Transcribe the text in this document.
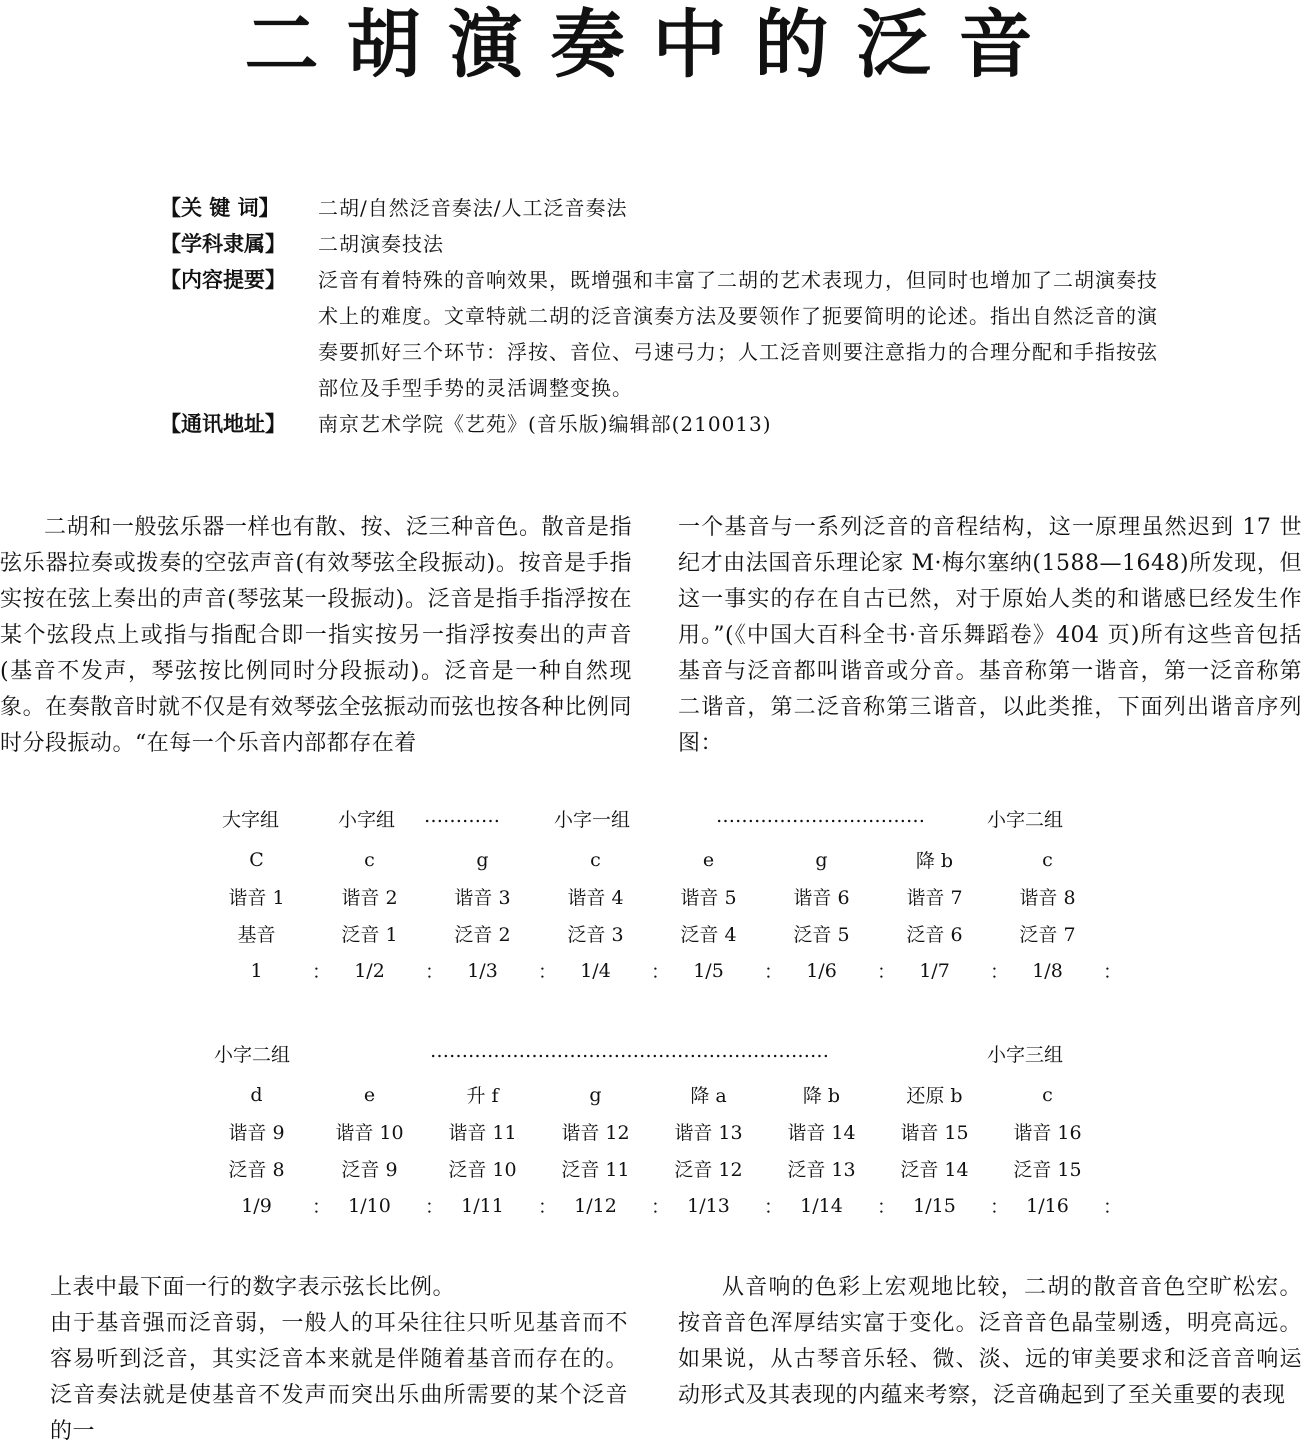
二胡演奏中的泛音
【关 键 词】	二胡/自然泛音奏法/人工泛音奏法
【学科隶属】	二胡演奏技法
【内容提要】	泛音有着特殊的音响效果，既增强和丰富了二胡的艺术表现力，但同时也增加了二胡演奏技术上的难度。文章特就二胡的泛音演奏方法及要领作了扼要简明的论述。指出自然泛音的演奏要抓好三个环节：浮按、音位、弓速弓力；人工泛音则要注意指力的合理分配和手指按弦部位及手型手势的灵活调整变换。
【通讯地址】	南京艺术学院《艺苑》(音乐版)编辑部(210013)

二胡和一般弦乐器一样也有散、按、泛三种音色。散音是指弦乐器拉奏或拨奏的空弦声音(有效琴弦全段振动)。按音是手指实按在弦上奏出的声音(琴弦某一段振动)。泛音是指手指浮按在某个弦段点上或指与指配合即一指实按另一指浮按奏出的声音(基音不发声，琴弦按比例同时分段振动)。泛音是一种自然现象。在奏散音时就不仅是有效琴弦全弦振动而弦也按各种比例同时分段振动。“在每一个乐音内部都存在着

一个基音与一系列泛音的音程结构，这一原理虽然迟到 17 世纪才由法国音乐理论家 M·梅尔塞纳(1588—1648)所发现，但这一事实的存在自古已然，对于原始人类的和谐感巳经发生作用。”(《中国大百科全书·音乐舞蹈卷》404 页)所有这些音包括基音与泛音都叫谐音或分音。基音称第一谐音，第一泛音称第二谐音，第二泛音称第三谐音，以此类推，下面列出谐音序列图：

大字组	小字组 …………	小字一组	……………………………	小字二组
C	c	g	c	e	g	降 b	c
谐音 1	谐音 2	谐音 3	谐音 4	谐音 5	谐音 6	谐音 7	谐音 8
基音	泛音 1	泛音 2	泛音 3	泛音 4	泛音 5	泛音 6	泛音 7
1	：	1/2	：	1/3	：	1/4	：	1/5	：	1/6	：	1/7	：	1/8	：
小字二组	………………………………………………………	小字三组
d	e	升 f	g	降 a	降 b	还原 b	c
谐音 9	谐音 10	谐音 11	谐音 12	谐音 13	谐音 14	谐音 15	谐音 16
泛音 8	泛音 9	泛音 10	泛音 11	泛音 12	泛音 13	泛音 14	泛音 15
1/9	： 1/10	： 1/11	： 1/12	： 1/13	： 1/14	： 1/15	： 1/16	：

上表中最下面一行的数字表示弦长比例。

由于基音强而泛音弱，一般人的耳朵往往只听见基音而不容易听到泛音，其实泛音本来就是伴随着基音而存在的。泛音奏法就是使基音不发声而突出乐曲所需要的某个泛音的一

从音响的色彩上宏观地比较，二胡的散音音色空旷松宏。按音音色浑厚结实富于变化。泛音音色晶莹剔透，明亮高远。如果说，从古琴音乐轻、微、淡、远的审美要求和泛音音响运动形式及其表现的内蕴来考察，泛音确起到了至关重要的表现
